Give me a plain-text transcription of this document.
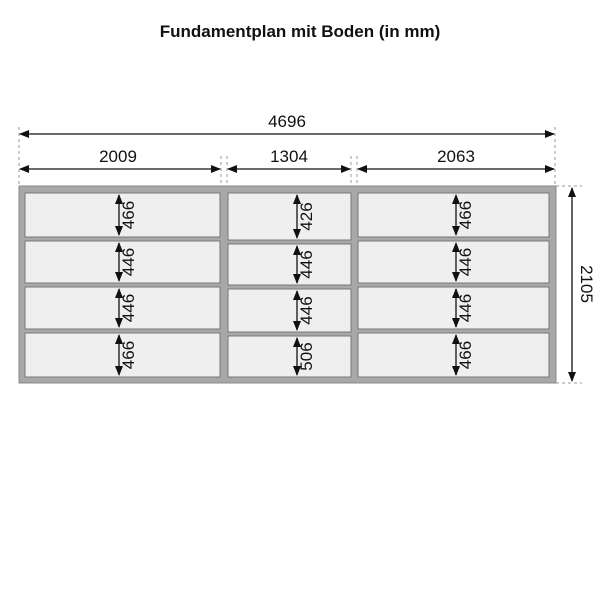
Fundamentplan mit Boden (in mm)
4696
2009	1304	2063
2105
466
446
446
466
426
446
446
506
466
446
446
466
